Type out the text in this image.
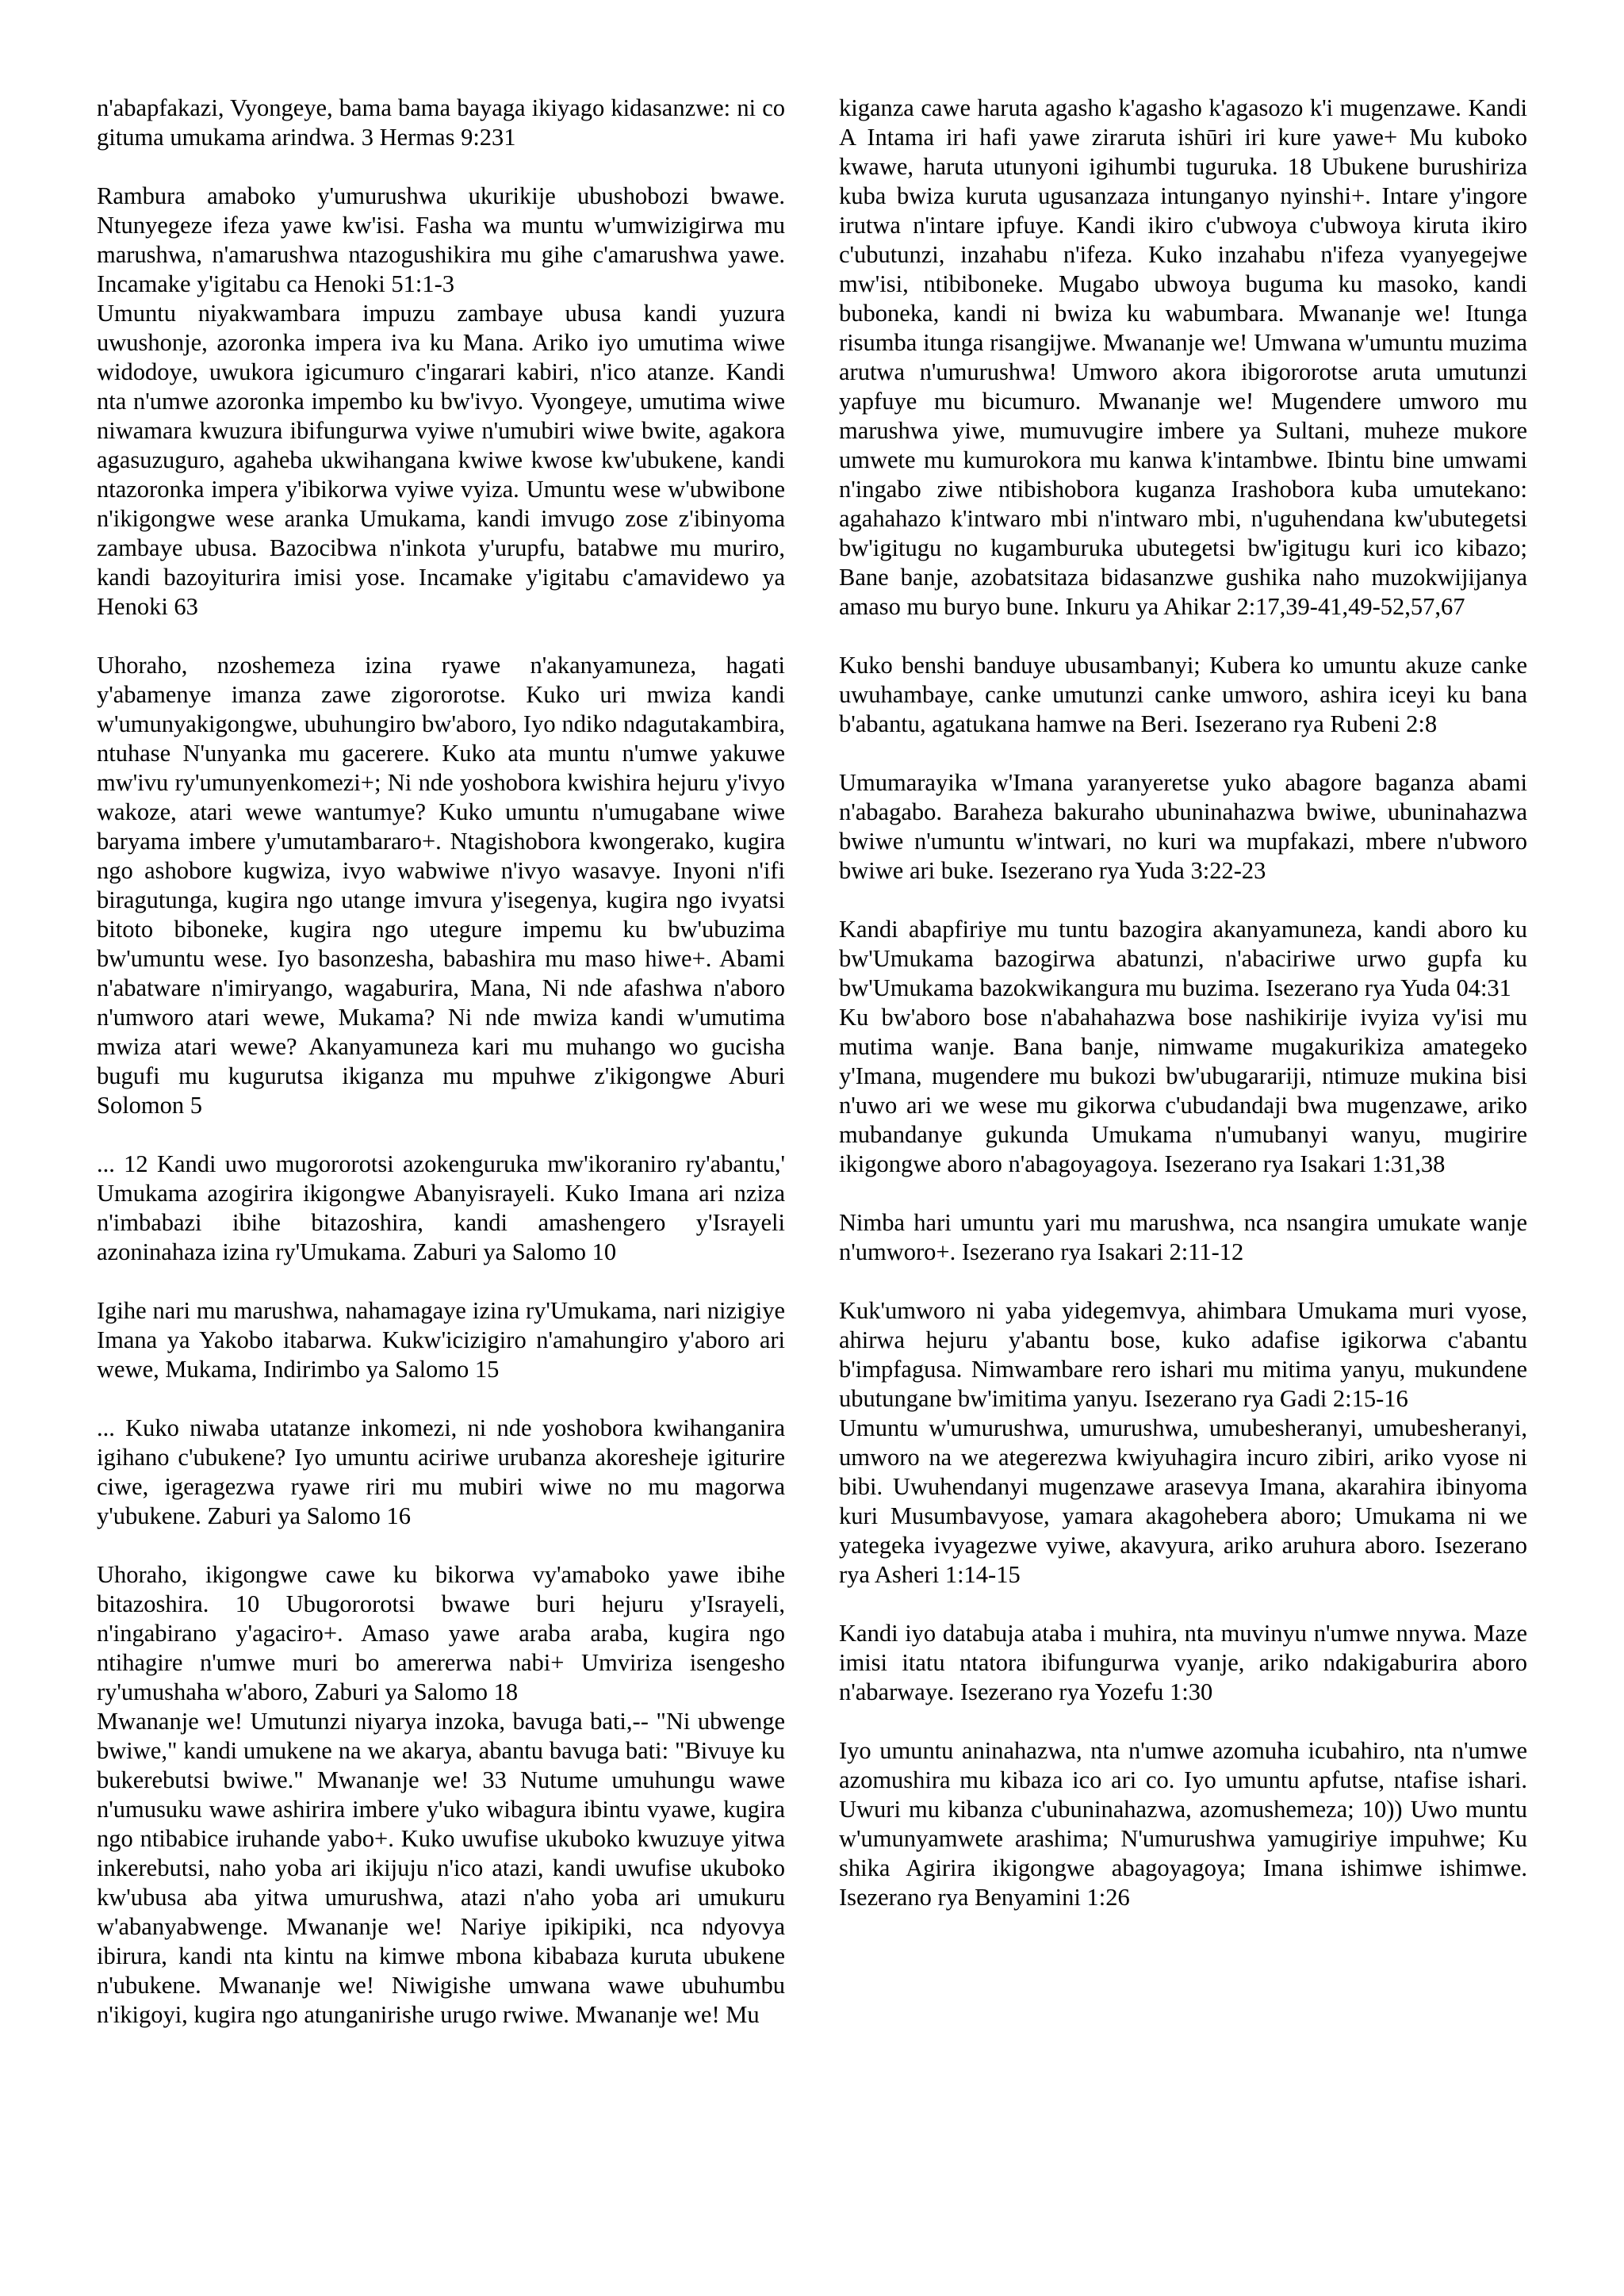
n'abapfakazi, Vyongeye, bama bama bayaga ikiyago kidasanzwe: ni co gituma umukama arindwa. 3 Hermas 9:231

Rambura amaboko y'umurushwa ukurikije ubushobozi bwawe. Ntunyegeze ifeza yawe kw'isi. Fasha wa muntu w'umwizigirwa mu marushwa, n'amarushwa ntazogushikira mu gihe c'amarushwa yawe. Incamake y'igitabu ca Henoki 51:1-3

Umuntu niyakwambara impuzu zambaye ubusa kandi yuzura uwushonje, azoronka impera iva ku Mana. Ariko iyo umutima wiwe widodoye, uwukora igicumuro c'ingarari kabiri, n'ico atanze. Kandi nta n'umwe azoronka impembo ku bw'ivyo. Vyongeye, umutima wiwe niwamara kwuzura ibifungurwa vyiwe n'umubiri wiwe bwite, agakora agasuzuguro, agaheba ukwihangana kwiwe kwose kw'ubukene, kandi ntazoronka impera y'ibikorwa vyiwe vyiza. Umuntu wese w'ubwibone n'ikigongwe wese aranka Umukama, kandi imvugo zose z'ibinyoma zambaye ubusa. Bazocibwa n'inkota y'urupfu, batabwe mu muriro, kandi bazoyiturira imisi yose. Incamake y'igitabu c'amavidewo ya Henoki 63

Uhoraho, nzoshemeza izina ryawe n'akanyamuneza, hagati y'abamenye imanza zawe zigororotse. Kuko uri mwiza kandi w'umunyakigongwe, ubuhungiro bw'aboro, Iyo ndiko ndagutakambira, ntuhase N'unyanka mu gacerere. Kuko ata muntu n'umwe yakuwe mw'ivu ry'umunyenkomezi+; Ni nde yoshobora kwishira hejuru y'ivyo wakoze, atari wewe wantumye? Kuko umuntu n'umugabane wiwe baryama imbere y'umutambararo+. Ntagishobora kwongerako, kugira ngo ashobore kugwiza, ivyo wabwiwe n'ivyo wasavye. Inyoni n'ifi biragutunga, kugira ngo utange imvura y'isegenya, kugira ngo ivyatsi bitoto biboneke, kugira ngo utegure impemu ku bw'ubuzima bw'umuntu wese. Iyo basonzesha, babashira mu maso hiwe+. Abami n'abatware n'imiryango, wagaburira, Mana, Ni nde afashwa n'aboro n'umworo atari wewe, Mukama? Ni nde mwiza kandi w'umutima mwiza atari wewe? Akanyamuneza kari mu muhango wo gucisha bugufi mu kugurutsa ikiganza mu mpuhwe z'ikigongwe Aburi Solomon 5

... 12 Kandi uwo mugororotsi azokenguruka mw'ikoraniro ry'abantu,' Umukama azogirira ikigongwe Abanyisrayeli. Kuko Imana ari nziza n'imbabazi ibihe bitazoshira, kandi amashengero y'Israyeli azoninahaza izina ry'Umukama. Zaburi ya Salomo 10

Igihe nari mu marushwa, nahamagaye izina ry'Umukama, nari nizigiye Imana ya Yakobo itabarwa. Kukw'icizigiro n'amahungiro y'aboro ari wewe, Mukama, Indirimbo ya Salomo 15

... Kuko niwaba utatanze inkomezi, ni nde yoshobora kwihanganira igihano c'ubukene? Iyo umuntu aciriwe urubanza akoresheje igiturire ciwe, igeragezwa ryawe riri mu mubiri wiwe no mu magorwa y'ubukene. Zaburi ya Salomo 16

Uhoraho, ikigongwe cawe ku bikorwa vy'amaboko yawe ibihe bitazoshira. 10 Ubugororotsi bwawe buri hejuru y'Israyeli, n'ingabirano y'agaciro+. Amaso yawe araba araba, kugira ngo ntihagire n'umwe muri bo amererwa nabi+ Umviriza isengesho ry'umushaha w'aboro, Zaburi ya Salomo 18

Mwananje we! Umutunzi niyarya inzoka, bavuga bati,-- "Ni ubwenge bwiwe," kandi umukene na we akarya, abantu bavuga bati: "Bivuye ku bukerebutsi bwiwe." Mwananje we! 33 Nutume umuhungu wawe n'umusuku wawe ashirira imbere y'uko wibagura ibintu vyawe, kugira ngo ntibabice iruhande yabo+. Kuko uwufise ukuboko kwuzuye yitwa inkerebutsi, naho yoba ari ikijuju n'ico atazi, kandi uwufise ukuboko kw'ubusa aba yitwa umurushwa, atazi n'aho yoba ari umukuru w'abanyabwenge. Mwananje we! Nariye ipikipiki, nca ndyovya ibirura, kandi nta kintu na kimwe mbona kibabaza kuruta ubukene n'ubukene. Mwananje we! Niwigishe umwana wawe ubuhumbu n'ikigoyi, kugira ngo atunganirishe urugo rwiwe. Mwananje we! Mu

kiganza cawe haruta agasho k'agasho k'agasozo k'i mugenzawe. Kandi A Intama iri hafi yawe ziraruta ishūri iri kure yawe+ Mu kuboko kwawe, haruta utunyoni igihumbi tuguruka. 18 Ubukene burushiriza kuba bwiza kuruta ugusanzaza intunganyo nyinshi+. Intare y'ingore irutwa n'intare ipfuye. Kandi ikiro c'ubwoya c'ubwoya kiruta ikiro c'ubutunzi, inzahabu n'ifeza. Kuko inzahabu n'ifeza vyanyegejwe mw'isi, ntibiboneke. Mugabo ubwoya buguma ku masoko, kandi buboneka, kandi ni bwiza ku wabumbara. Mwananje we! Itunga risumba itunga risangijwe. Mwananje we! Umwana w'umuntu muzima arutwa n'umurushwa! Umworo akora ibigororotse aruta umutunzi yapfuye mu bicumuro. Mwananje we! Mugendere umworo mu marushwa yiwe, mumuvugire imbere ya Sultani, muheze mukore umwete mu kumurokora mu kanwa k'intambwe. Ibintu bine umwami n'ingabo ziwe ntibishobora kuganza Irashobora kuba umutekano: agahahazo k'intwaro mbi n'intwaro mbi, n'uguhendana kw'ubutegetsi bw'igitugu no kugamburuka ubutegetsi bw'igitugu kuri ico kibazo; Bane banje, azobatsitaza bidasanzwe gushika naho muzokwijijanya amaso mu buryo bune. Inkuru ya Ahikar 2:17,39-41,49-52,57,67

Kuko benshi banduye ubusambanyi; Kubera ko umuntu akuze canke uwuhambaye, canke umutunzi canke umworo, ashira iceyi ku bana b'abantu, agatukana hamwe na Beri. Isezerano rya Rubeni 2:8

Umumarayika w'Imana yaranyeretse yuko abagore baganza abami n'abagabo. Baraheza bakuraho ubuninahazwa bwiwe, ubuninahazwa bwiwe n'umuntu w'intwari, no kuri wa mupfakazi, mbere n'ubworo bwiwe ari buke. Isezerano rya Yuda 3:22-23

Kandi abapfiriye mu tuntu bazogira akanyamuneza, kandi aboro ku bw'Umukama bazogirwa abatunzi, n'abaciriwe urwo gupfa ku bw'Umukama bazokwikangura mu buzima. Isezerano rya Yuda 04:31

Ku bw'aboro bose n'abahahazwa bose nashikirije ivyiza vy'isi mu mutima wanje. Bana banje, nimwame mugakurikiza amategeko y'Imana, mugendere mu bukozi bw'ubugarariji, ntimuze mukina bisi n'uwo ari we wese mu gikorwa c'ubudandaji bwa mugenzawe, ariko mubandanye gukunda Umukama n'umubanyi wanyu, mugirire ikigongwe aboro n'abagoyagoya. Isezerano rya Isakari 1:31,38

Nimba hari umuntu yari mu marushwa, nca nsangira umukate wanje n'umworo+. Isezerano rya Isakari 2:11-12

Kuk'umworo ni yaba yidegemvya, ahimbara Umukama muri vyose, ahirwa hejuru y'abantu bose, kuko adafise igikorwa c'abantu b'impfagusa. Nimwambare rero ishari mu mitima yanyu, mukundene ubutungane bw'imitima yanyu. Isezerano rya Gadi 2:15-16

Umuntu w'umurushwa, umurushwa, umubesheranyi, umubesheranyi, umworo na we ategerezwa kwiyuhagira incuro zibiri, ariko vyose ni bibi. Uwuhendanyi mugenzawe arasevya Imana, akarahira ibinyoma kuri Musumbavyose, yamara akagohebera aboro; Umukama ni we yategeka ivyagezwe vyiwe, akavyura, ariko aruhura aboro. Isezerano rya Asheri 1:14-15

Kandi iyo databuja ataba i muhira, nta muvinyu n'umwe nnywa. Maze imisi itatu ntatora ibifungurwa vyanje, ariko ndakigaburira aboro n'abarwaye. Isezerano rya Yozefu 1:30

Iyo umuntu aninahazwa, nta n'umwe azomuha icubahiro, nta n'umwe azomushira mu kibaza ico ari co. Iyo umuntu apfutse, ntafise ishari. Uwuri mu kibanza c'ubuninahazwa, azomushemeza; 10)) Uwo muntu w'umunyamwete arashima; N'umurushwa yamugiriye impuhwe; Ku shika Agirira ikigongwe abagoyagoya; Imana ishimwe ishimwe. Isezerano rya Benyamini 1:26
